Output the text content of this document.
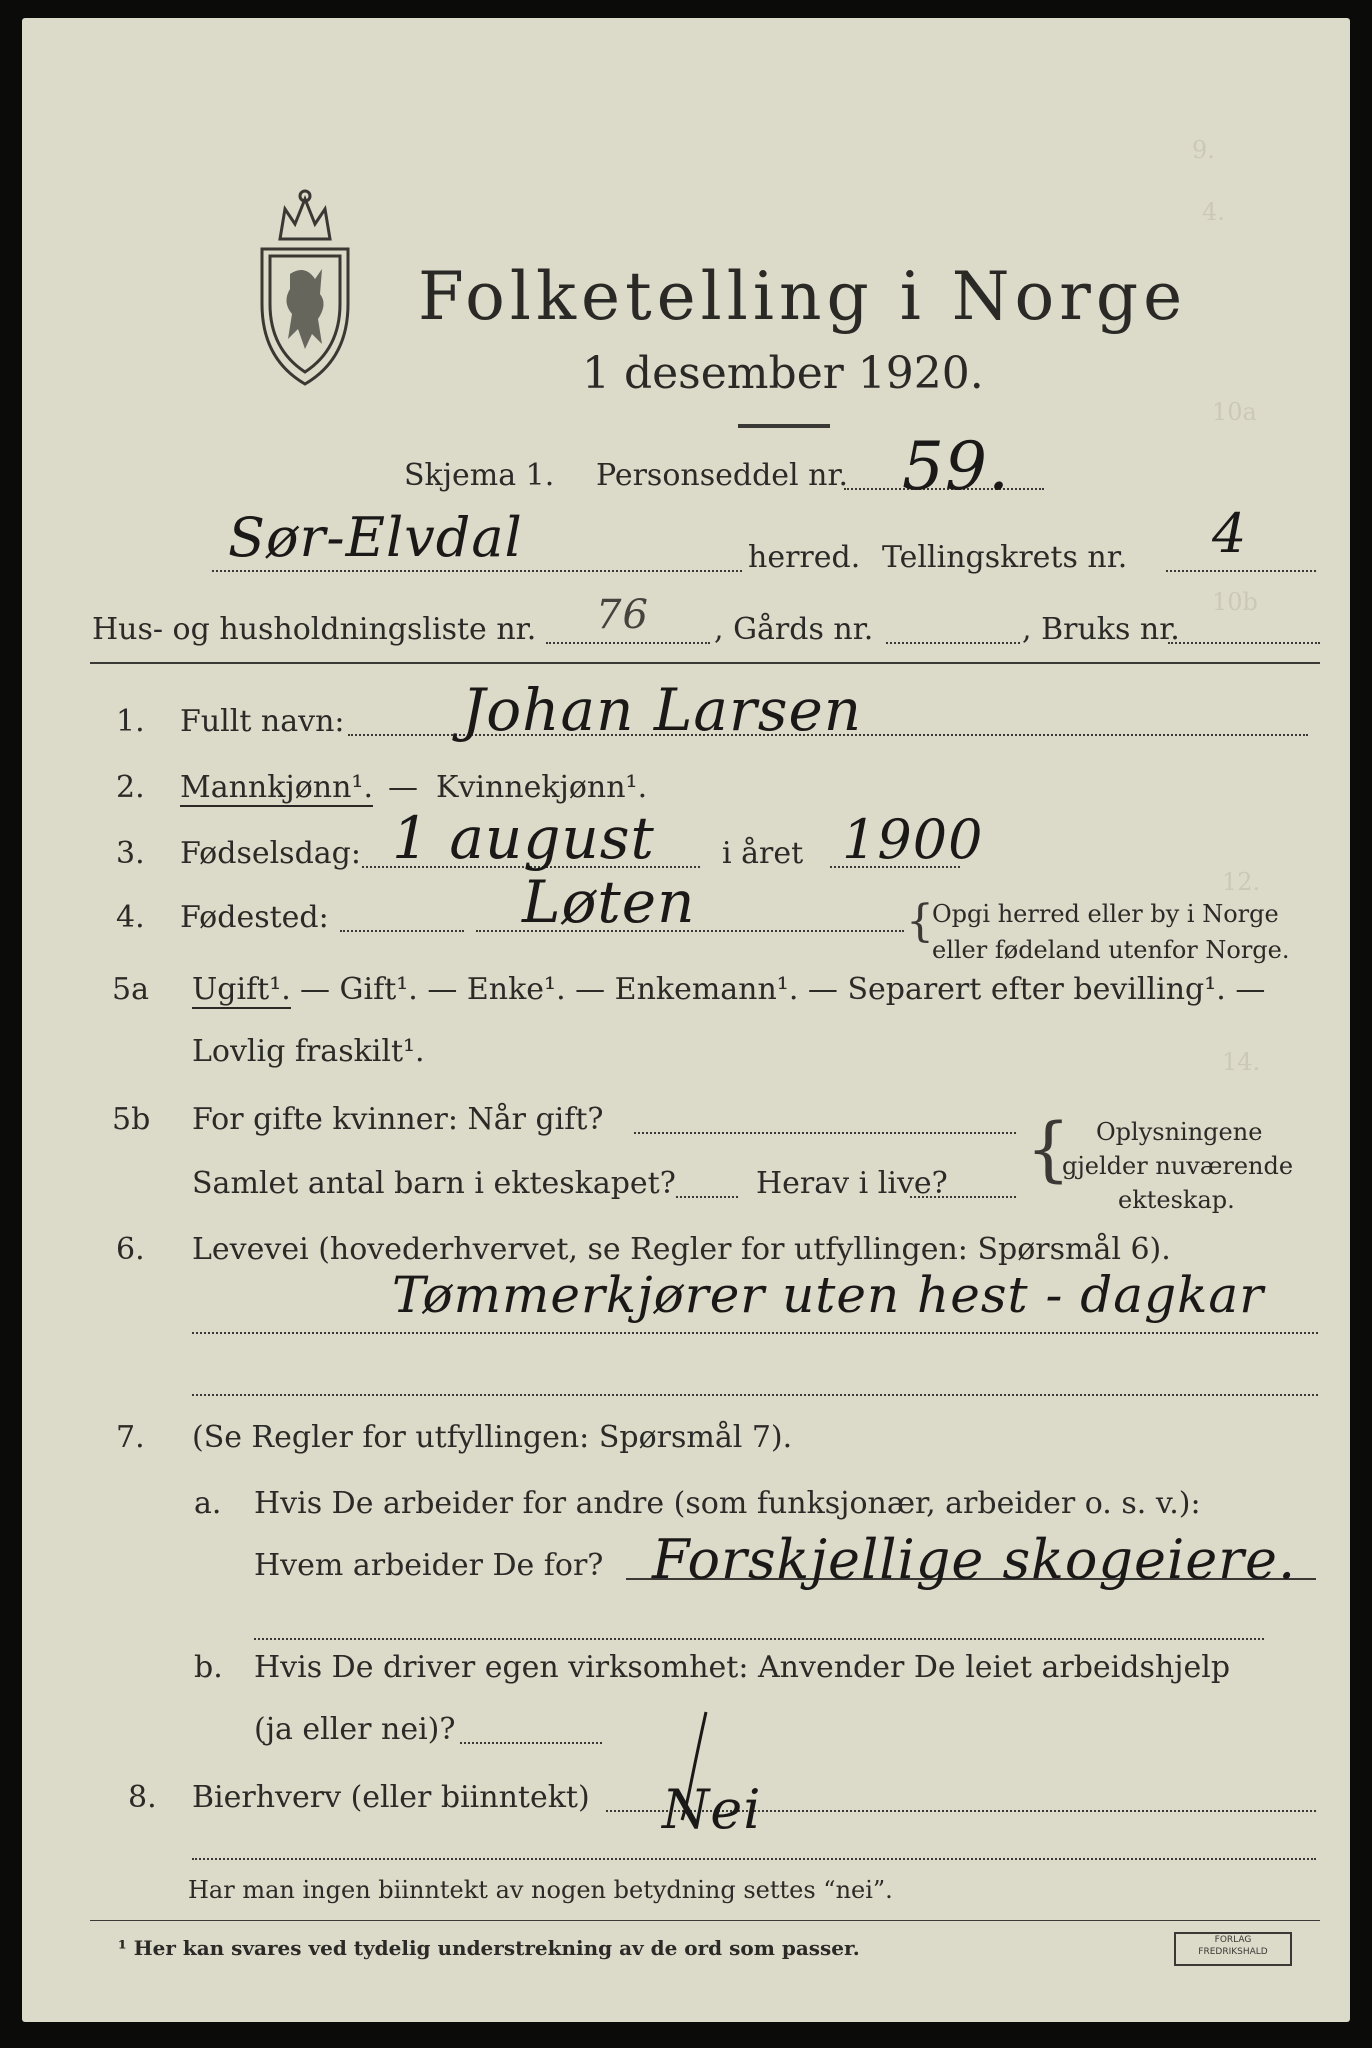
9.
4.
10a
10b
12.
14.
Folketelling i Norge
1 desember 1920.
Skjema 1. Personseddel nr. 59.
Sør-Elvdal	herred. Tellingskrets nr. 4
Hus- og husholdningsliste nr. 76 , Gårds nr.	, Bruks nr.
1. Fullt navn: Johan Larsen
2. Mannkjønn¹. — Kvinnekjønn¹.
3. Fødselsdag: 1 august i året 1900
4. Fødested:	Løten	{
Opgi herred eller by i Norge
eller fødeland utenfor Norge.
5a Ugift¹. — Gift¹. — Enke¹. — Enkemann¹. — Separert efter bevilling¹. —
Lovlig fraskilt¹.
5b For gifte kvinner: Når gift?
Samlet antal barn i ekteskapet?	Herav i live? { Oplysningene
gjelder nuværende
ekteskap.
6. Levevei (hovederhvervet, se Regler for utfyllingen: Spørsmål 6).
Tømmerkjører uten hest - dagkar
7. (Se Regler for utfyllingen: Spørsmål 7).
a. Hvis De arbeider for andre (som funksjonær, arbeider o. s. v.):
Hvem arbeider De for? Forskjellige skogeiere.
b. Hvis De driver egen virksomhet: Anvender De leiet arbeidshjelp
(ja eller nei)?
8. Bierhverv (eller biinntekt) Nei
Har man ingen biinntekt av nogen betydning settes “nei”.
¹ Her kan svares ved tydelig understrekning av de ord som passer.	FORLAG
FREDRIKSHALD
